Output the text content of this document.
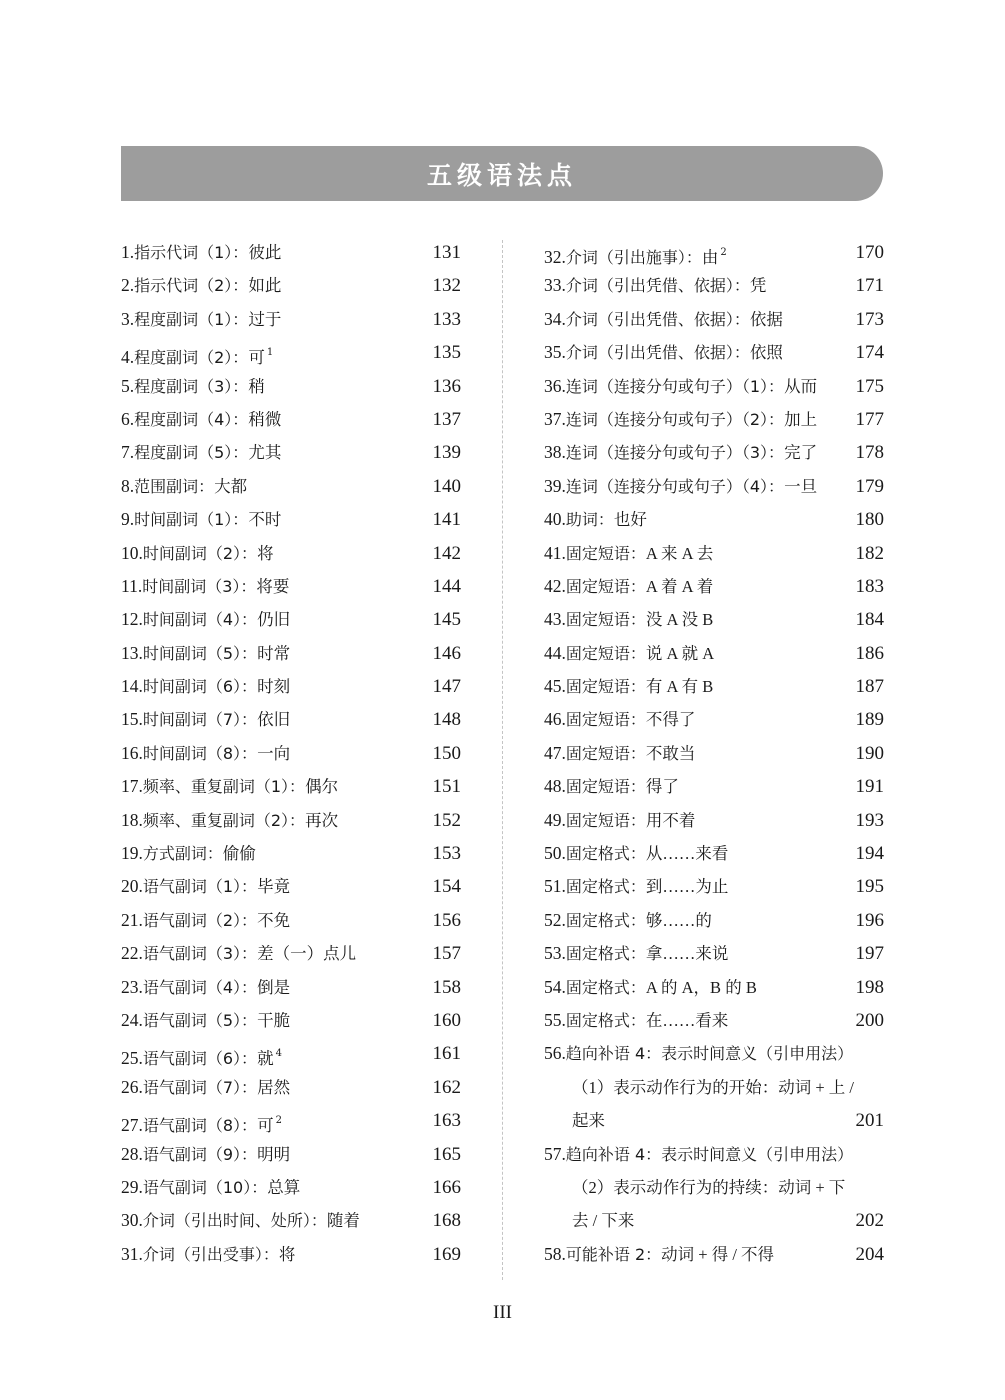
五级语法点
1.指示代词（1）：彼此	131
2.指示代词（2）：如此	132
3.程度副词（1）：过于	133
4.程度副词（2）：可 $^1$	135
5.程度副词（3）：稍	136
6.程度副词（4）：稍微	137
7.程度副词（5）：尤其	139
8.范围副词：大都	140
9.时间副词（1）：不时	141
10.时间副词（2）：将	142
11.时间副词（3）：将要	144
12.时间副词（4）：仍旧	145
13.时间副词（5）：时常	146
14.时间副词（6）：时刻	147
15.时间副词（7）：依旧	148
16.时间副词（8）：一向	150
17.频率、重复副词（1）：偶尔	151
18.频率、重复副词（2）：再次	152
19.方式副词：偷偷	153
20.语气副词（1）：毕竟	154
21.语气副词（2）：不免	156
22.语气副词（3）：差（一）点儿	157
23.语气副词（4）：倒是	158
24.语气副词（5）：干脆	160
25.语气副词（6）：就 $^4$	161
26.语气副词（7）：居然	162
27.语气副词（8）：可 $^2$	163
28.语气副词（9）：明明	165
29.语气副词（10）：总算	166
30.介词（引出时间、处所）：随着	168
31.介词（引出受事）：将	169
32.介词（引出施事）：由 $^2$	170
33.介词（引出凭借、依据）：凭	171
34.介词（引出凭借、依据）：依据	173
35.介词（引出凭借、依据）：依照	174
36.连词（连接分句或句子）（1）：从而 175
37.连词（连接分句或句子）（2）：加上 177
38.连词（连接分句或句子）（3）：完了 178
39.连词（连接分句或句子）（4）：一旦 179
40.助词：也好	180
41.固定短语：A 来 A 去	182
42.固定短语：A 着 A 着	183
43.固定短语：没 A 没 B	184
44.固定短语：说 A 就 A	186
45.固定短语：有 A 有 B	187
46.固定短语：不得了	189
47.固定短语：不敢当	190
48.固定短语：得了	191
49.固定短语：用不着	193
50.固定格式：从……来看	194
51.固定格式：到……为止	195
52.固定格式：够……的	196
53.固定格式：拿……来说	197
54.固定格式：A 的 A，B 的 B	198
55.固定格式：在……看来	200
56.趋向补语 4：表示时间意义（引申用法）
（1）表示动作行为的开始：动词 + 上 /
起来	201
57.趋向补语 4：表示时间意义（引申用法）
（2）表示动作行为的持续：动词 + 下
去 / 下来	202
58.可能补语 2：动词 + 得 / 不得	204
III
